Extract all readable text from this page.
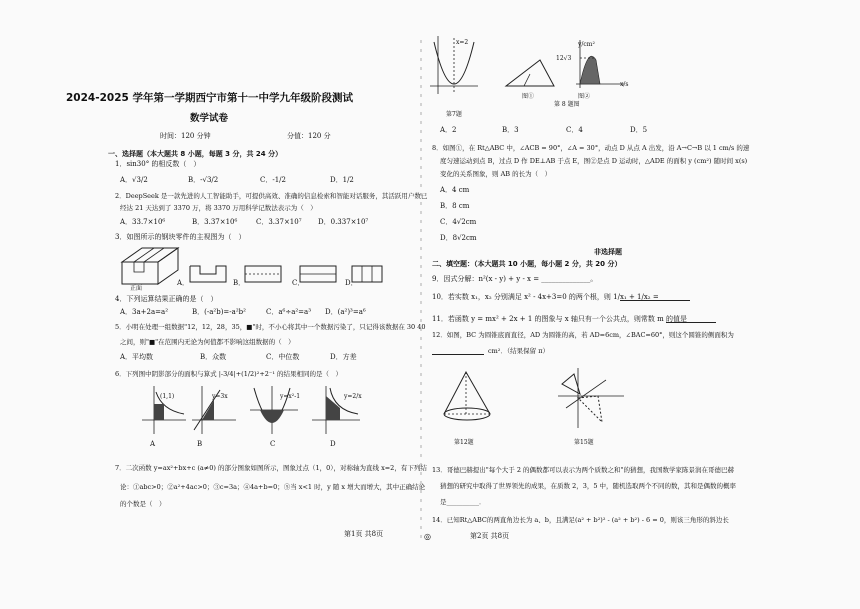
2024-2025 学年第一学期西宁市第十一中学九年级阶段测试
数学试卷
时间：120 分钟	分值：120 分
一、选择题（本大题共 8 小题，每题 3 分，共 24 分）
1．sin30° 的相反数（　）
A．√3/2	B．-√3/2	C．-1/2	D．1/2
2．DeepSeek 是一款先进的人工智能助手，可提供高效、准确的信息检索和智能对话服务，其活跃用户数已
经达 21 天达到了 3370 万，将 3370 万用科学记数法表示为（　）
A．33.7×10⁶	B．3.37×10⁶	C．3.37×10⁷ D．0.337×10⁷
3．如图所示的钢块零件的主视图为（　）
正面
A．	B．	C．	D．
4．下列运算结果正确的是（　）
A．3a+2a=a²	B．(-a²b)=-a²b²	C．a⁶÷a²=a³ D．(a²)³=a⁶
5．小明在处理一组数据"12，12，28，35，■"时，不小心将其中一个数据污染了，只记得该数据在 30 40
之间，则"■"在范围内无论为何值都不影响这组数据的（　）
A．平均数	B．众数	C．中位数	D．方差
6．下列图中阴影部分的面积与算式 |-3/4|+(1/2)²+2⁻¹ 的结果相同的是（　）
(1,1)
A
y=3x
B
y=x²-1
C
y=2/x
D
7．二次函数 y=ax²+bx+c (a≠0) 的部分图象如图所示，图象过点（1，0），对称轴为直线 x=2，有下列结
论：①abc>0；②a²+4ac>0；③c=3a；④4a+b=0；⑤当 x<1 时，y 随 x 增大而增大，其中正确结论
的个数是（　）
第1页 共8页	◎
x=2
第7题
A．2	B．3	C．4	D．5
图①
y/cm²
12√3
x/s
图②
第 8 题图
8．如图①，在 Rt△ABC 中，∠ACB = 90°，∠A = 30°，动点 D 从点 A 出发，沿 A→C→B 以 1 cm/s 的速
度匀速运动到点 B，过点 D 作 DE⊥AB 于点 E，图②是点 D 运动时，△ADE 的面积 y (cm²) 随时间 x(s)
变化的关系图象，则 AB 的长为（　）
A．4 cm
B．8 cm
C．4√2cm
D．8√2cm
非选择题
二、填空题：（本大题共 10 小题，每小题 2 分，共 20 分）
9．因式分解：n²(x - y) + y - x = ______________。
10．若实数 x₁，x₂ 分别满足 x² - 4x+3=0 的两个根，则 1/x₁ + 1/x₂ =
11．若函数 y = mx² + 2x + 1 的图象与 x 轴只有一个公共点，则常数 m 的值是
12．如图，BC 为圆锥底面直径，AD 为圆锥的高，若 AD=6cm，∠BAC=60°，则这个圆锥的侧面积为
cm²．（结果保留 π）
第12题	第15题
13．哥德巴赫提出"每个大于 2 的偶数都可以表示为两个质数之和"的猜想，我国数学家陈景润在哥德巴赫
猜想的研究中取得了世界领先的成果，在质数 2，3，5 中，随机选取两个不同的数，其和是偶数的概率
是__________．
14．已知Rt△ABC的两直角边长为 a、b，且满足(a² + b²)² - (a² + b²) - 6 = 0，则该三角形的斜边长
第2页 共8页
